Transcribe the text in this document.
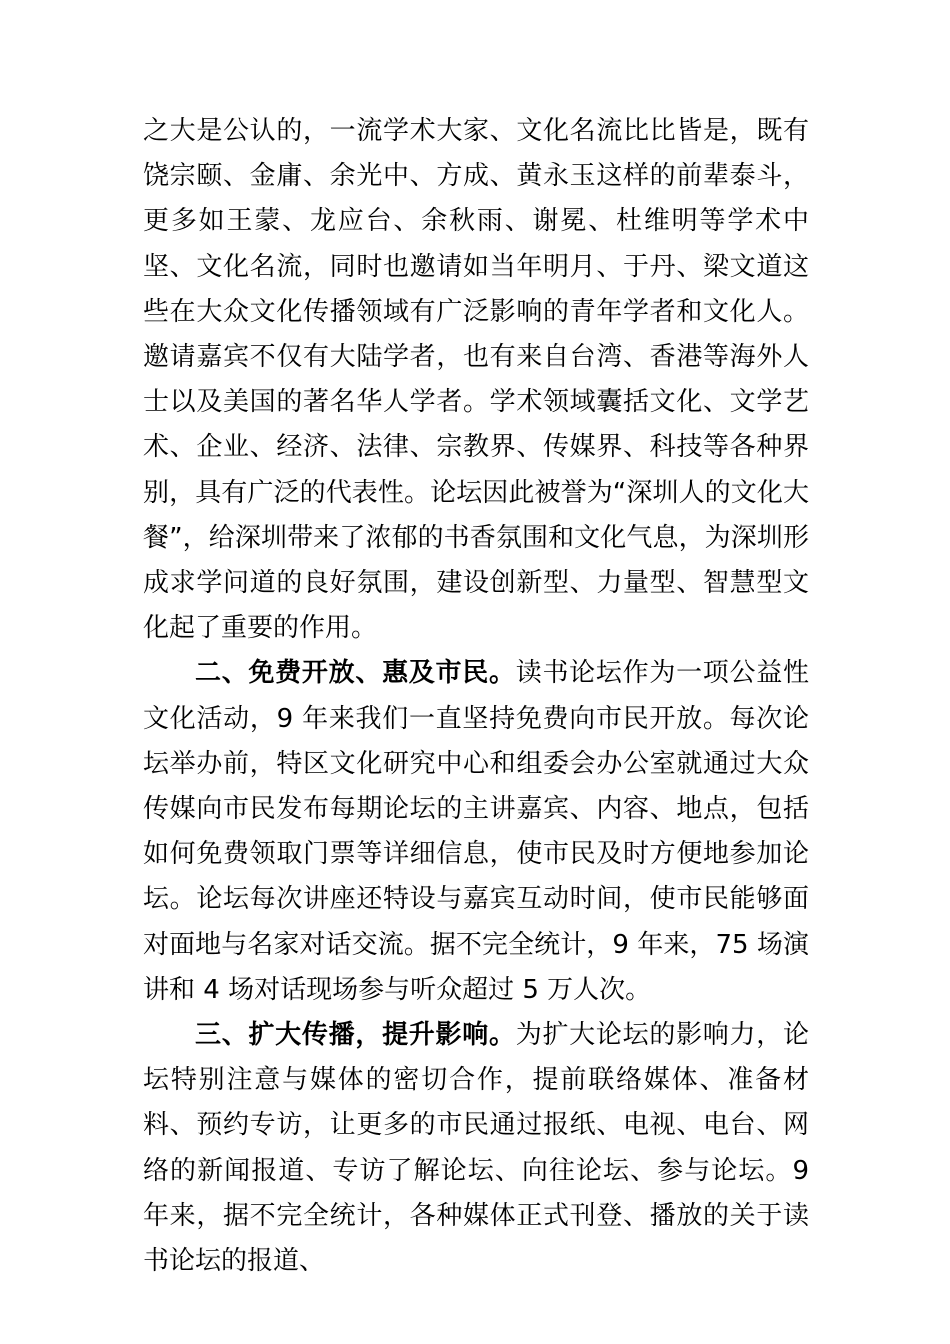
之大是公认的，一流学术大家、文化名流比比皆是，既有饶宗颐、金庸、余光中、方成、黄永玉这样的前辈泰斗，更多如王蒙、龙应台、余秋雨、谢冕、杜维明等学术中坚、文化名流，同时也邀请如当年明月、于丹、梁文道这些在大众文化传播领域有广泛影响的青年学者和文化人。邀请嘉宾不仅有大陆学者，也有来自台湾、香港等海外人士以及美国的著名华人学者。学术领域囊括文化、文学艺术、企业、经济、法律、宗教界、传媒界、科技等各种界别，具有广泛的代表性。论坛因此被誉为“深圳人的文化大餐”，给深圳带来了浓郁的书香氛围和文化气息，为深圳形成求学问道的良好氛围，建设创新型、力量型、智慧型文化起了重要的作用。

二、免费开放、惠及市民。读书论坛作为一项公益性文化活动，9 年来我们一直坚持免费向市民开放。每次论坛举办前，特区文化研究中心和组委会办公室就通过大众传媒向市民发布每期论坛的主讲嘉宾、内容、地点，包括如何免费领取门票等详细信息，使市民及时方便地参加论坛。论坛每次讲座还特设与嘉宾互动时间，使市民能够面对面地与名家对话交流。据不完全统计，9 年来，75 场演讲和 4 场对话现场参与听众超过 5 万人次。

三、扩大传播，提升影响。为扩大论坛的影响力，论坛特别注意与媒体的密切合作，提前联络媒体、准备材料、预约专访，让更多的市民通过报纸、电视、电台、网络的新闻报道、专访了解论坛、向往论坛、参与论坛。9 年来，据不完全统计，各种媒体正式刊登、播放的关于读书论坛的报道、
